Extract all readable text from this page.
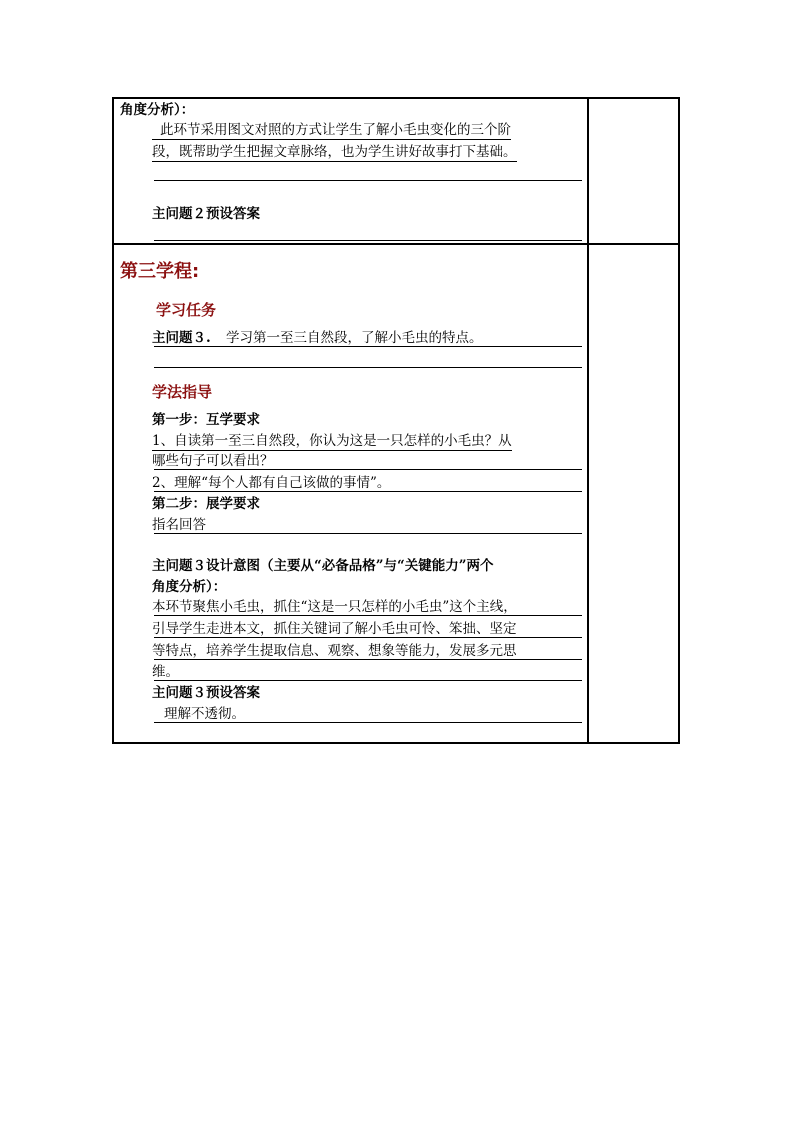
角度分析）：
此环节采用图文对照的方式让学生了解小毛虫变化的三个阶
段，既帮助学生把握文章脉络，也为学生讲好故事打下基础。
主问题２预设答案
第三学程:
学习任务
主问题３. 学习第一至三自然段，了解小毛虫的特点。
学法指导
第一步：互学要求
1、自读第一至三自然段，你认为这是一只怎样的小毛虫？从
哪些句子可以看出？
2、理解“每个人都有自己该做的事情”。
第二步：展学要求
指名回答
主问题３设计意图（主要从“必备品格”与“关键能力”两个
角度分析）：
本环节聚焦小毛虫，抓住“这是一只怎样的小毛虫”这个主线，
引导学生走进本文，抓住关键词了解小毛虫可怜、笨拙、坚定
等特点，培养学生提取信息、观察、想象等能力，发展多元思
维。
主问题３预设答案
理解不透彻。
